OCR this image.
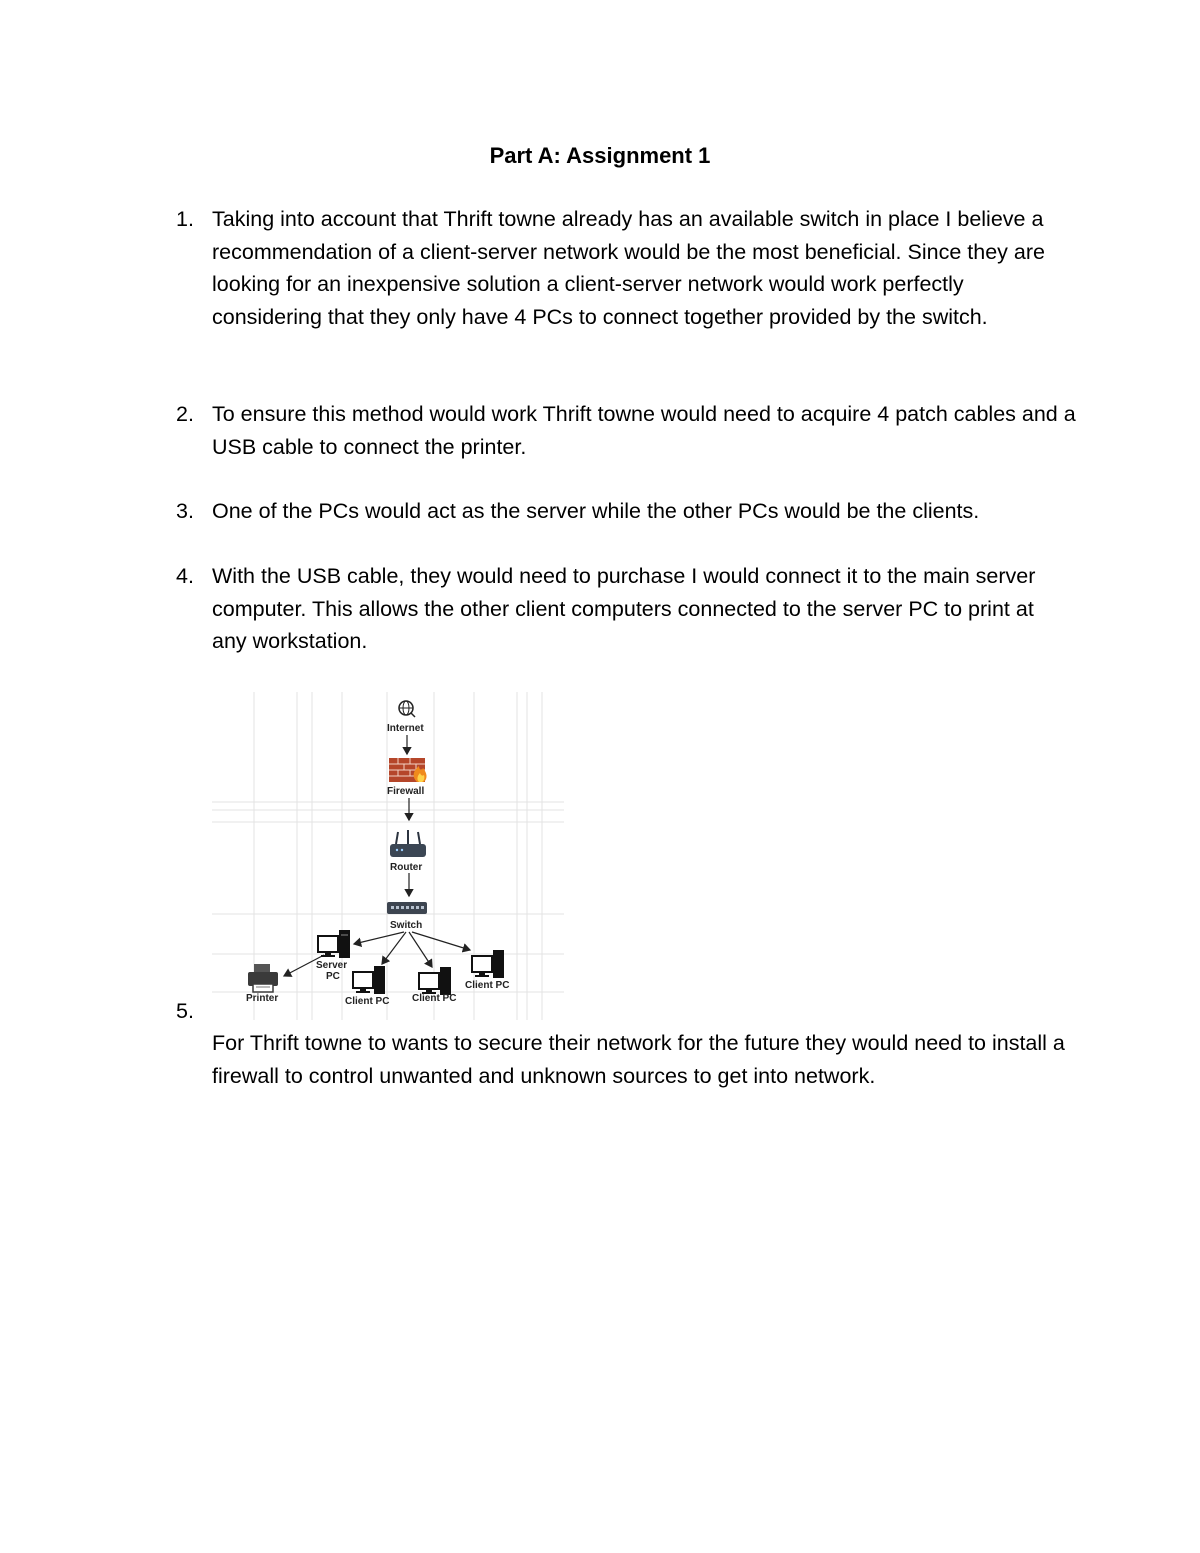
Part A: Assignment 1
1. Taking into account that Thrift towne already has an available switch in place I believe a recommendation of a client-server network would be the most beneficial. Since they are looking for an inexpensive solution a client-server network would work perfectly considering that they only have 4 PCs to connect together provided by the switch.
2. To ensure this method would work Thrift towne would need to acquire 4 patch cables and a USB cable to connect the printer.
3. One of the PCs would act as the server while the other PCs would be the clients.
4. With the USB cable, they would need to purchase I would connect it to the main server computer. This allows the other client computers connected to the server PC to print at any workstation.
Internet
Firewall
Router
Switch
Server
PC
Printer	Client PC Client PC
Client PC
5.
For Thrift towne to wants to secure their network for the future they would need to install a firewall to control unwanted and unknown sources to get into network.
